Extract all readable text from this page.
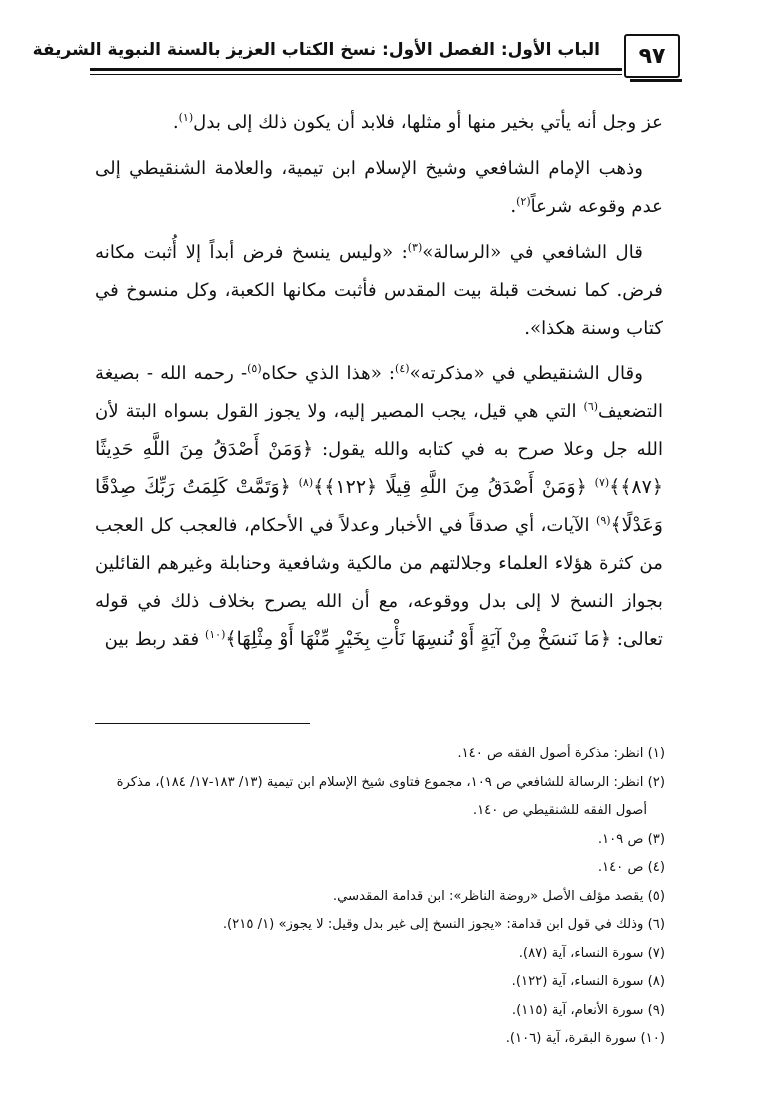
٩٧
الباب الأول: الفصل الأول: نسخ الكتاب العزيز بالسنة النبوية الشريفة

عز وجل أنه يأتي بخير منها أو مثلها، فلابد أن يكون ذلك إلى بدل$^{(١)}$.

وذهب الإمام الشافعي وشيخ الإسلام ابن تيمية، والعلامة الشنقيطي إلى عدم وقوعه شرعاً$^{(٢)}$.

قال الشافعي في «الرسالة»$^{(٣)}$: «وليس ينسخ فرض أبداً إلا أُثبت مكانه فرض. كما نسخت قبلة بيت المقدس فأثبت مكانها الكعبة، وكل منسوخ في كتاب وسنة هكذا».

وقال الشنقيطي في «مذكرته»$^{(٤)}$: «هذا الذي حكاه$^{(٥)}$- رحمه الله - بصيغة التضعيف$^{(٦)}$ التي هي قيل، يجب المصير إليه، ولا يجوز القول بسواه البتة لأن الله جل وعلا صرح به في كتابه والله يقول: ﴿وَمَنْ أَصْدَقُ مِنَ اللَّهِ حَدِيثًا ﴿٨٧﴾﴾$^{(٧)}$ ﴿وَمَنْ أَصْدَقُ مِنَ اللَّهِ قِيلًا ﴿١٢٢﴾﴾$^{(٨)}$ ﴿وَتَمَّتْ كَلِمَتُ رَبِّكَ صِدْقًا وَعَدْلًا﴾$^{(٩)}$ الآيات، أي صدقاً في الأخبار وعدلاً في الأحكام، فالعجب كل العجب من كثرة هؤلاء العلماء وجلالتهم من مالكية وشافعية وحنابلة وغيرهم القائلين بجواز النسخ لا إلى بدل ووقوعه، مع أن الله يصرح بخلاف ذلك في قوله تعالى: ﴿مَا نَنسَخْ مِنْ آيَةٍ أَوْ نُنسِهَا نَأْتِ بِخَيْرٍ مِّنْهَا أَوْ مِثْلِهَا﴾$^{(١٠)}$ فقد ربط بين

(١) انظر: مذكرة أصول الفقه ص ١٤٠.

(٢) انظر: الرسالة للشافعي ص ١٠٩، مجموع فتاوى شيخ الإسلام ابن تيمية (١٣/ ١٨٣-١٧/ ١٨٤)، مذكرة

أصول الفقه للشنقيطي ص ١٤٠.

(٣) ص ١٠٩.

(٤) ص ١٤٠.

(٥) يقصد مؤلف الأصل «روضة الناظر»: ابن قدامة المقدسي.

(٦) وذلك في قول ابن قدامة: «يجوز النسخ إلى غير بدل وقيل: لا يجوز» (١/ ٢١٥).

(٧) سورة النساء، آية (٨٧).

(٨) سورة النساء، آية (١٢٢).

(٩) سورة الأنعام، آية (١١٥).

(١٠) سورة البقرة، آية (١٠٦).
